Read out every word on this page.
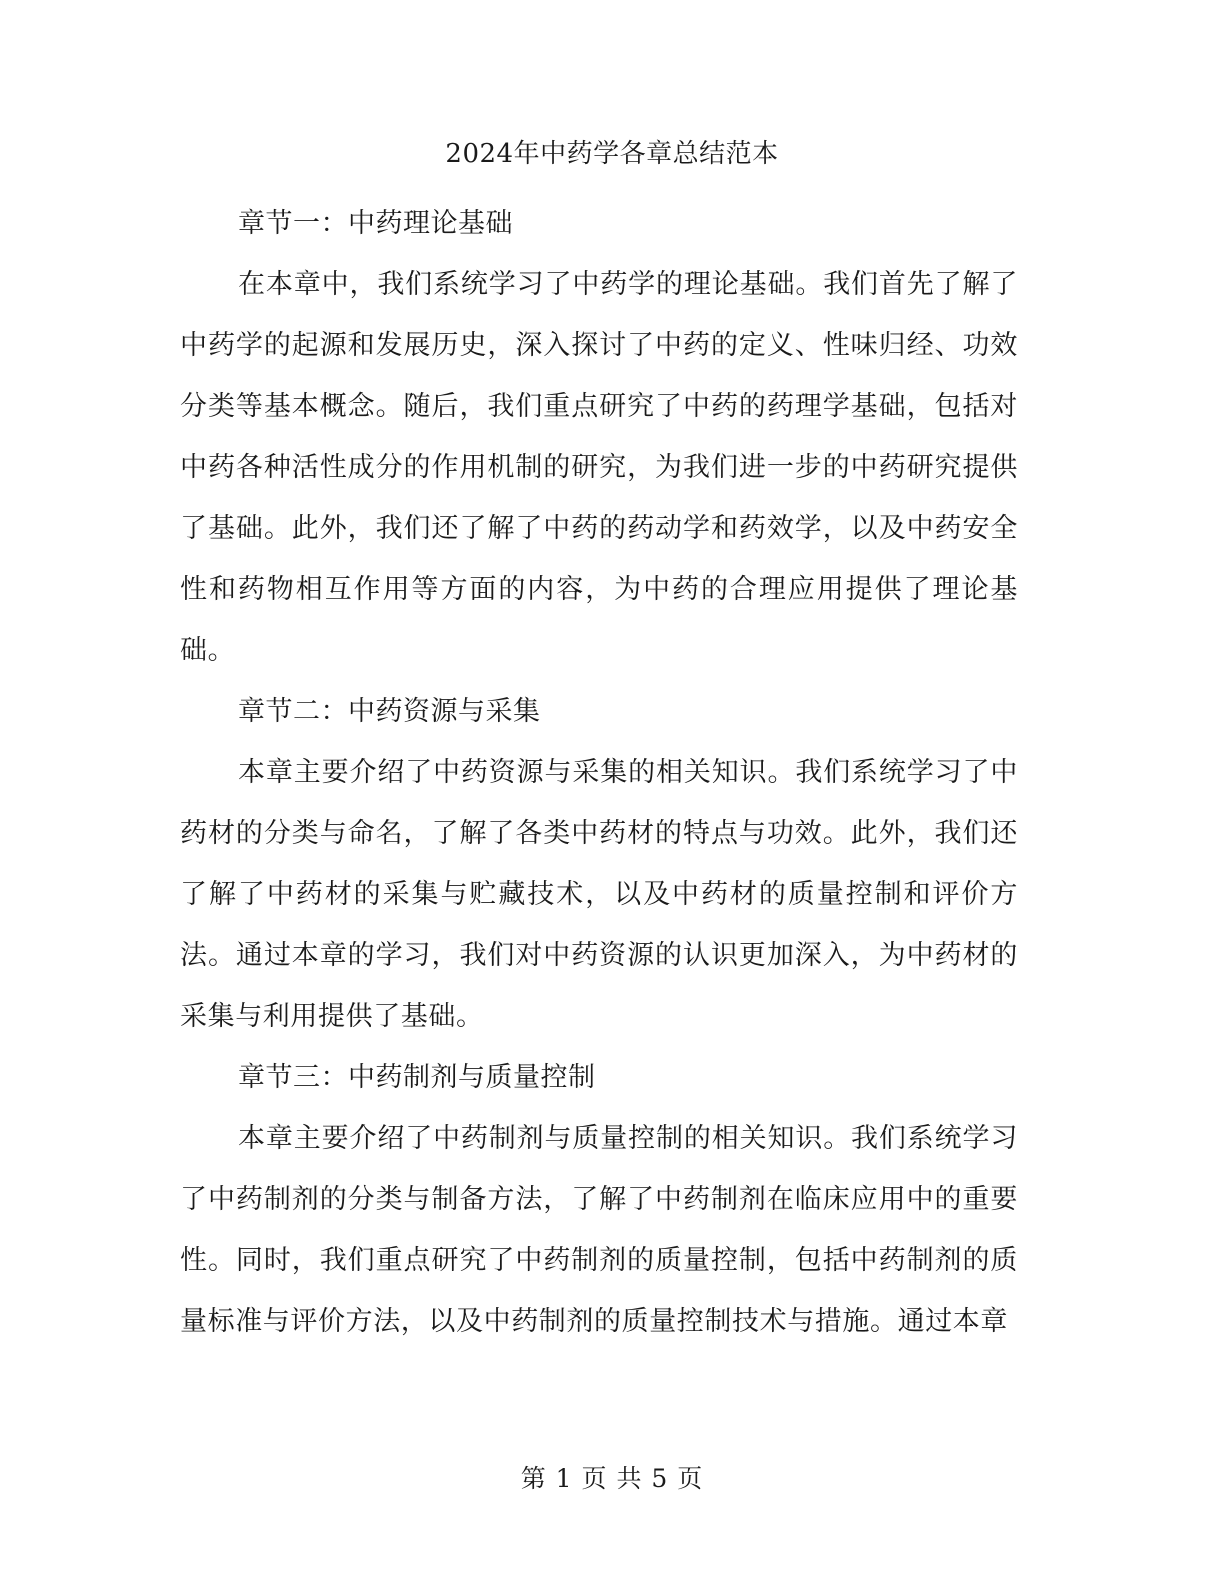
2024年中药学各章总结范本

章节一：中药理论基础

在本章中，我们系统学习了中药学的理论基础。我们首先了解了中药学的起源和发展历史，深入探讨了中药的定义、性味归经、功效分类等基本概念。随后，我们重点研究了中药的药理学基础，包括对中药各种活性成分的作用机制的研究，为我们进一步的中药研究提供了基础。此外，我们还了解了中药的药动学和药效学，以及中药安全性和药物相互作用等方面的内容，为中药的合理应用提供了理论基础。

章节二：中药资源与采集

本章主要介绍了中药资源与采集的相关知识。我们系统学习了中药材的分类与命名，了解了各类中药材的特点与功效。此外，我们还了解了中药材的采集与贮藏技术，以及中药材的质量控制和评价方法。通过本章的学习，我们对中药资源的认识更加深入，为中药材的采集与利用提供了基础。

章节三：中药制剂与质量控制

本章主要介绍了中药制剂与质量控制的相关知识。我们系统学习了中药制剂的分类与制备方法，了解了中药制剂在临床应用中的重要性。同时，我们重点研究了中药制剂的质量控制，包括中药制剂的质量标准与评价方法，以及中药制剂的质量控制技术与措施。通过本章

第 1 页 共 5 页
